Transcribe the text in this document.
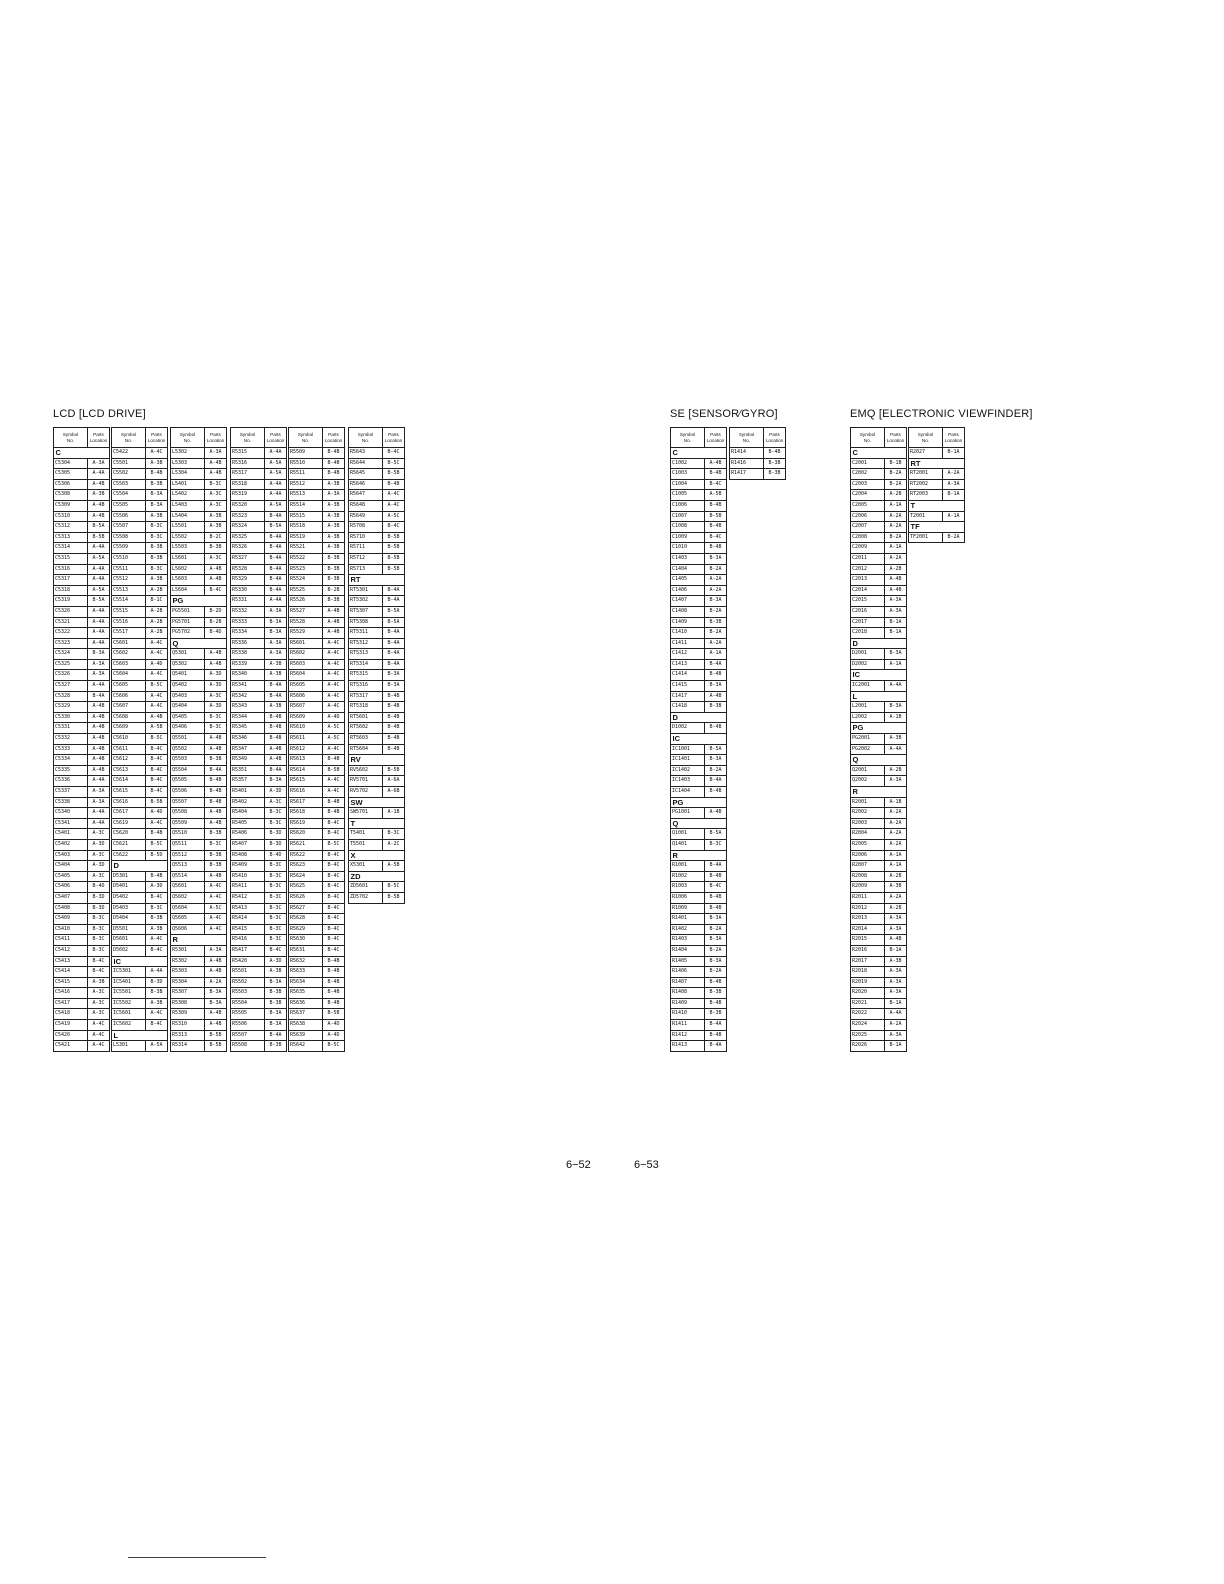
LCD [LCD DRIVE]	SE [SENSOR∕GYRO]	EMQ [ELECTRONIC VIEWFINDER]
Symbol
No.	Parts
Location

C	
C5304	A-3A
C5305	A-4A
C5306	A-4B
C5308	A-3B
C5309	A-4B
C5310	A-4B
C5312	B-5A
C5313	B-5B
C5314	A-4A
C5315	A-5A
C5316	A-4A
C5317	A-4A
C5318	A-5A
C5319	B-5A
C5320	A-4A
C5321	A-4A
C5322	A-4A
C5323	A-4A
C5324	B-3A
C5325	A-3A
C5326	A-3A
C5327	A-4A
C5328	B-4A
C5329	A-4B
C5330	A-4B
C5331	A-4B
C5332	A-4B
C5333	A-4B
C5334	A-4B
C5335	A-4B
C5336	A-4A
C5337	A-3A
C5338	A-3A
C5340	A-4A
C5341	A-4A
C5401	A-3C
C5402	A-3D
C5403	A-3C
C5404	A-3D
C5405	A-3C
C5406	B-4D
C5407	B-3D
C5408	B-3D
C5409	B-3C
C5410	B-3C
C5411	B-3C
C5412	B-3C
C5413	B-4C
C5414	B-4C
C5415	A-3B
C5416	A-3C
C5417	A-3C
C5418	A-3C
C5419	A-4C
C5420	A-4C
C5421	A-4C
Symbol
No.	Parts
Location

C5422	A-4C
C5501	A-3B
C5502	B-4B
C5503	B-3B
C5504	B-3A
C5505	B-3A
C5506	A-3B
C5507	B-3C
C5508	B-3C
C5509	B-3B
C5510	B-3B
C5511	B-3C
C5512	A-3B
C5513	A-2B
C5514	B-1C
C5515	A-2B
C5516	A-2B
C5517	A-2B
C5601	A-4C
C5602	A-4C
C5603	A-4D
C5604	A-4C
C5605	B-5C
C5606	A-4C
C5607	A-4C
C5608	A-4B
C5609	A-5B
C5610	B-5C
C5611	B-4C
C5612	B-4C
C5613	B-4C
C5614	B-4C
C5615	B-4C
C5616	B-5B
C5617	A-4D
C5619	A-4C
C5620	B-4B
C5621	B-5C
C5622	B-5D
D	
D5301	B-4B
D5401	A-3D
D5402	B-4C
D5403	B-3C
D5404	B-3B
D5501	A-3B
D5601	A-4C
D5602	B-4C
IC	
IC5301	A-4A
IC5401	B-3D
IC5501	B-3B
IC5502	A-3B
IC5601	A-4C
IC5602	B-4C
L	
L5301	A-5A
Symbol
No.	Parts
Location

L5302	A-3A
L5303	A-4B
L5304	A-4B
L5401	B-3C
L5402	A-3C
L5403	A-3C
L5404	A-3B
L5501	A-3B
L5502	B-2C
L5503	B-3B
L5601	A-3C
L5602	A-4B
L5603	A-4B
L5604	B-4C
PG	
PG5501	B-2D
PG5701	B-2B
PG5702	B-4D
Q	
Q5301	A-4B
Q5302	A-4B
Q5401	A-3D
Q5402	A-3D
Q5403	A-3C
Q5404	A-3D
Q5405	B-3C
Q5406	B-3C
Q5501	A-4B
Q5502	A-4B
Q5503	B-3B
Q5504	B-4A
Q5505	B-4B
Q5506	B-4B
Q5507	B-4B
Q5508	A-4B
Q5509	A-4B
Q5510	B-3B
Q5511	B-3C
Q5512	B-3B
Q5513	B-3B
Q5514	A-4B
Q5601	A-4C
Q5602	A-4C
Q5604	A-5C
Q5605	A-4C
Q5606	A-4C
R	
R5301	A-3A
R5302	A-4B
R5303	A-4B
R5304	A-2A
R5307	B-3A
R5308	B-3A
R5309	A-4B
R5310	A-4B
R5313	B-5B
R5314	B-5B
Symbol
No.	Parts
Location

R5315	A-4A
R5316	A-5A
R5317	A-5A
R5318	A-4A
R5319	A-4A
R5320	A-5A
R5323	B-4A
R5324	B-5A
R5325	B-4A
R5326	B-4A
R5327	B-4A
R5328	B-4A
R5329	B-4A
R5330	B-4A
R5331	A-4A
R5332	A-3A
R5333	B-3A
R5334	B-3A
R5336	A-3A
R5338	A-3A
R5339	A-3B
R5340	A-3B
R5341	B-4A
R5342	B-4A
R5343	A-3B
R5344	B-4B
R5345	B-4B
R5346	B-4B
R5347	A-4B
R5349	A-4B
R5351	B-4A
R5357	B-3A
R5401	A-3D
R5402	A-3C
R5404	B-3C
R5405	B-3C
R5406	B-3D
R5407	B-3D
R5408	B-4D
R5409	B-3C
R5410	B-3C
R5411	B-3C
R5412	B-3C
R5413	B-3C
R5414	B-3C
R5415	B-3C
R5416	B-3C
R5417	B-4C
R5420	A-3D
R5501	A-3B
R5502	B-3A
R5503	B-3B
R5504	B-3B
R5505	B-3A
R5506	B-3A
R5507	B-4A
R5508	B-3B
Symbol
No.	Parts
Location

R5509	B-4B
R5510	B-4B
R5511	B-4B
R5512	A-3B
R5513	A-3A
R5514	A-3B
R5515	A-3B
R5518	A-3B
R5519	A-3B
R5521	A-3B
R5522	B-3B
R5523	B-3B
R5524	B-3B
R5525	B-2B
R5526	B-3B
R5527	A-4B
R5528	A-4B
R5529	A-4B
R5601	A-4C
R5602	A-4C
R5603	A-4C
R5604	A-4C
R5605	A-4C
R5606	A-4C
R5607	A-4C
R5609	A-4D
R5610	A-5C
R5611	A-5C
R5612	A-4C
R5613	B-4B
R5614	B-5B
R5615	A-4C
R5616	A-4C
R5617	B-4B
R5618	B-4B
R5619	B-4C
R5620	B-4C
R5621	B-5C
R5622	B-4C
R5623	B-4C
R5624	B-4C
R5625	B-4C
R5626	B-4C
R5627	B-4C
R5628	B-4C
R5629	B-4C
R5630	B-4C
R5631	B-4C
R5632	B-4B
R5633	B-4B
R5634	B-4B
R5635	B-4B
R5636	B-4B
R5637	B-5B
R5638	A-4D
R5639	A-4D
R5642	B-5C
Symbol
No.	Parts
Location

R5643	B-4C
R5644	B-5C
R5645	B-5B
R5646	B-4B
R5647	A-4C
R5648	A-4C
R5649	A-5C
R5708	B-4C
R5710	B-5B
R5711	B-5B
R5712	B-5B
R5713	B-5B
RT	
RT5301	B-4A
RT5302	B-4A
RT5307	B-5A
RT5308	B-5A
RT5311	B-4A
RT5312	B-4A
RT5313	B-4A
RT5314	B-4A
RT5315	B-3A
RT5316	B-3A
RT5317	B-4B
RT5318	B-4B
RT5601	B-4B
RT5602	B-4B
RT5603	B-4B
RT5604	B-4B
RV	
RV5602	B-5B
RV5701	A-6A
RV5702	A-6B
SW	
SW5701	A-1B
T	
T5401	B-3C
T5501	A-2C
X	
X5301	A-5B
ZD	
ZD5601	B-5C
ZD5702	B-5B
Symbol
No.	Parts
Location

C	
C1002	A-4B
C1003	B-4B
C1004	B-4C
C1005	A-5B
C1006	B-4B
C1007	B-5B
C1008	B-4B
C1009	B-4C
C1010	B-4B
C1403	B-3A
C1404	B-2A
C1405	A-2A
C1406	A-2A
C1407	B-3A
C1408	B-2A
C1409	B-3B
C1410	B-2A
C1411	A-2A
C1412	A-1A
C1413	B-4A
C1414	B-4B
C1415	B-3A
C1417	A-4B
C1418	B-3B
D	
D1002	B-4B
IC	
IC1001	B-5A
IC1401	B-3A
IC1402	B-2A
IC1403	B-4A
IC1404	B-4B
PG	
PG1001	A-4B
Q	
Q1001	B-5A
Q1401	B-3C
R	
R1001	B-4A
R1002	B-4B
R1003	B-4C
R1006	B-4B
R1009	B-4B
R1401	B-3A
R1402	B-2A
R1403	B-3A
R1404	B-2A
R1405	B-3A
R1406	B-2A
R1407	B-4B
R1408	B-3B
R1409	B-4B
R1410	B-3B
R1411	B-4A
R1412	B-4B
R1413	B-4A
Symbol
No.	Parts
Location

R1414	B-4B
R1416	B-3B
R1417	B-3B
Symbol
No.	Parts
Location

C	
C2001	B-1B
C2002	B-2A
C2003	B-2A
C2004	A-2B
C2005	A-1A
C2006	A-2A
C2007	A-2A
C2008	B-2A
C2009	A-1A
C2011	A-2A
C2012	A-2B
C2013	A-4B
C2014	A-4B
C2015	A-3A
C2016	A-3A
C2017	B-1A
C2018	B-1A
D	
D2001	B-3A
D2002	A-1A
IC	
IC2001	A-4A
L	
L2001	B-3A
L2002	A-1B
PG	
PG2001	A-3B
PG2002	A-4A
Q	
Q2001	A-2B
Q2002	A-3A
R	
R2001	A-1B
R2002	A-2A
R2003	A-2A
R2004	A-2A
R2005	A-2A
R2006	A-1A
R2007	A-1A
R2008	A-2B
R2009	A-3B
R2011	A-2A
R2012	A-2B
R2013	A-3A
R2014	A-3A
R2015	A-4B
R2016	B-1A
R2017	A-3B
R2018	A-3A
R2019	A-3A
R2020	A-3A
R2021	B-1A
R2022	A-4A
R2024	A-2A
R2025	A-3A
R2026	B-1A
Symbol
No.	Parts
Location

R2027	B-1A
RT	
RT2001	A-2A
RT2002	A-3A
RT2003	B-1A
T	
T2001	A-1A
TF	
TF2001	B-2A
6−52	6−53
